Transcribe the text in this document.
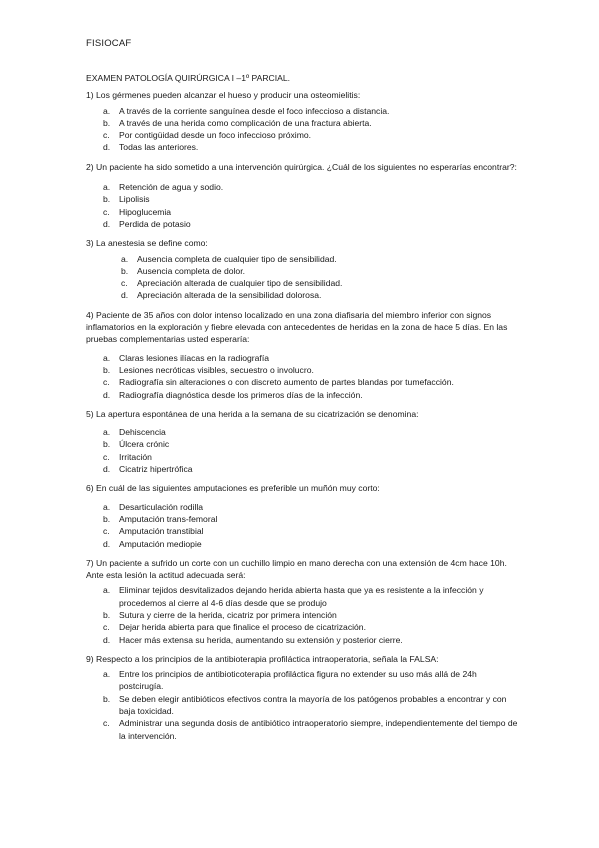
FISIOCAF

EXAMEN PATOLOGÍA QUIRÚRGICA I –1º PARCIAL.

1) Los gérmenes pueden alcanzar el hueso y producir una osteomielitis:

a.	A través de la corriente sanguínea desde el foco infeccioso a distancia.
b.	A través de una herida como complicación de una fractura abierta.
c.	Por contigüidad desde un foco infeccioso próximo.
d.	Todas las anteriores.

2) Un paciente ha sido sometido a una intervención quirúrgica. ¿Cuál de los siguientes no esperarías encontrar?:

a.	Retención de agua y sodio.
b.	Lipolisis
c.	Hipoglucemia
d.	Perdida de potasio

3) La anestesia se define como:

a.	Ausencia completa de cualquier tipo de sensibilidad.
b.	Ausencia completa de dolor.
c.	Apreciación alterada de cualquier tipo de sensibilidad.
d.	Apreciación alterada de la sensibilidad dolorosa.

4) Paciente de 35 años con dolor intenso localizado en una zona diafisaria del miembro inferior con signos inflamatorios en la exploración y fiebre elevada con antecedentes de heridas en la zona de hace 5 días. En las pruebas complementarias usted esperaría:

a.	Claras lesiones ilíacas en la radiografía
b.	Lesiones necróticas visibles, secuestro o involucro.
c.	Radiografía sin alteraciones o con discreto aumento de partes blandas por tumefacción.
d.	Radiografía diagnóstica desde los primeros días de la infección.

5) La apertura espontánea de una herida a la semana de su cicatrización se denomina:

a.	Dehiscencia
b.	Úlcera crónic
c.	Irritación
d.	Cicatriz hipertrófica

6) En cuál de las siguientes amputaciones es preferible un muñón muy corto:

a.	Desarticulación rodilla
b.	Amputación trans-femoral
c.	Amputación transtibial
d.	Amputación mediopie

7) Un paciente a sufrido un corte con un cuchillo limpio en mano derecha con una extensión de 4cm hace 10h. Ante esta lesión la actitud adecuada será:

a.	Eliminar tejidos desvitalizados dejando herida abierta hasta que ya es resistente a la infección y procedemos al cierre al 4-6 días desde que se produjo
b.	Sutura y cierre de la herida, cicatriz por primera intención
c.	Dejar herida abierta para que finalice el proceso de cicatrización.
d.	Hacer más extensa su herida, aumentando su extensión y posterior cierre.

9) Respecto a los principios de la antibioterapia profiláctica intraoperatoria, señala la FALSA:

a.	Entre los principios de antibioticoterapia profiláctica figura no extender su uso más allá de 24h postcirugía.
b.	Se deben elegir antibióticos efectivos contra la mayoría de los patógenos probables a encontrar y con baja toxicidad.
c.	Administrar una segunda dosis de antibiótico intraoperatorio siempre, independientemente del tiempo de la intervención.
